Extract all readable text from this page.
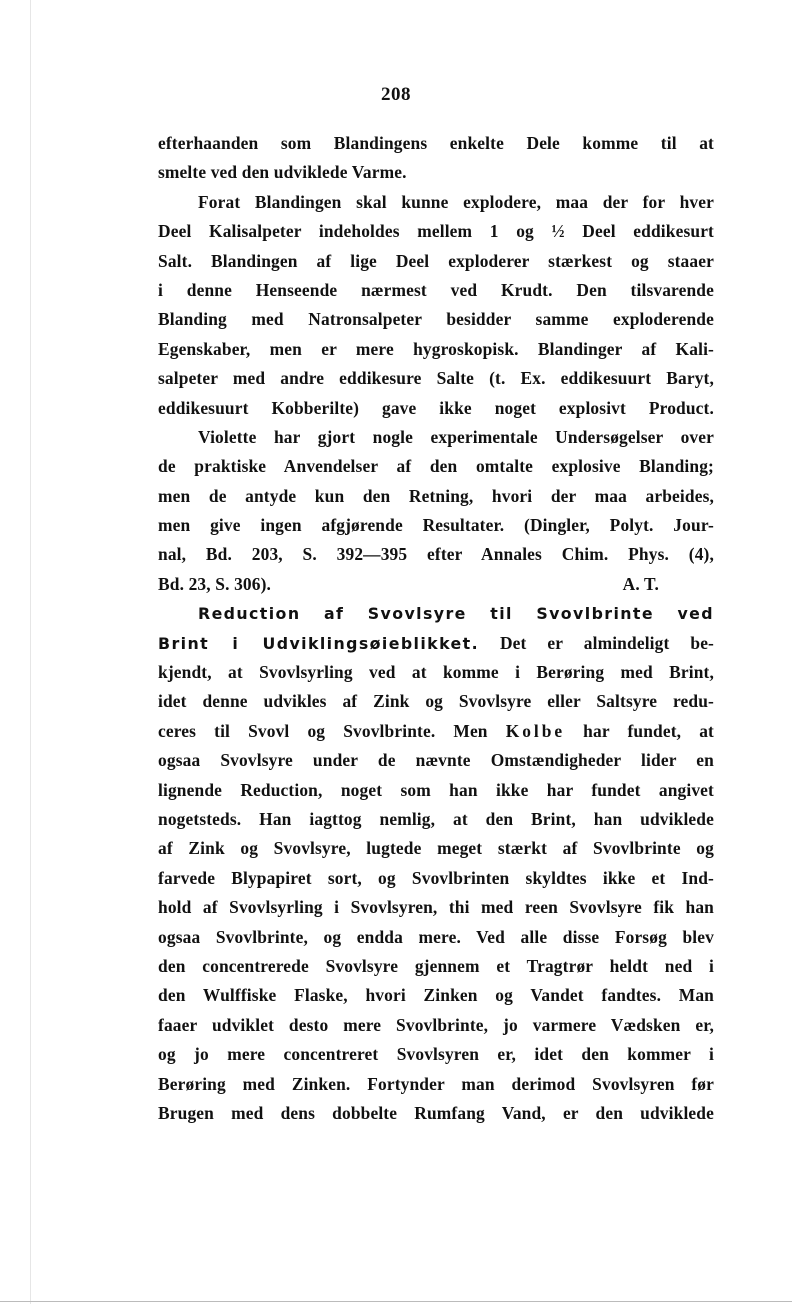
208
efterhaanden som Blandingens enkelte Dele komme til at
smelte ved den udviklede Varme.
Forat Blandingen skal kunne explodere, maa der for hver
Deel Kalisalpeter indeholdes mellem 1 og ½ Deel eddikesurt
Salt. Blandingen af lige Deel exploderer stærkest og staaer
i denne Henseende nærmest ved Krudt. Den tilsvarende
Blanding med Natronsalpeter besidder samme exploderende
Egenskaber, men er mere hygroskopisk. Blandinger af Kali-
salpeter med andre eddikesure Salte (t. Ex. eddikesuurt Baryt,
eddikesuurt Kobberilte) gave ikke noget explosivt Product.
Violette har gjort nogle experimentale Undersøgelser over
de praktiske Anvendelser af den omtalte explosive Blanding;
men de antyde kun den Retning, hvori der maa arbeides,
men give ingen afgjørende Resultater. (Dingler, Polyt. Jour-
nal, Bd. 203, S. 392—395 efter Annales Chim. Phys. (4),
Bd. 23, S. 306).	A. T.
Reduction af Svovlsyre til Svovlbrinte ved
Brint i Udviklingsøieblikket. Det er almindeligt be-
kjendt, at Svovlsyrling ved at komme i Berøring med Brint,
idet denne udvikles af Zink og Svovlsyre eller Saltsyre redu-
ceres til Svovl og Svovlbrinte. Men Kolbe har fundet, at
ogsaa Svovlsyre under de nævnte Omstændigheder lider en
lignende Reduction, noget som han ikke har fundet angivet
nogetsteds. Han iagttog nemlig, at den Brint, han udviklede
af Zink og Svovlsyre, lugtede meget stærkt af Svovlbrinte og
farvede Blypapiret sort, og Svovlbrinten skyldtes ikke et Ind-
hold af Svovlsyrling i Svovlsyren, thi med reen Svovlsyre fik han
ogsaa Svovlbrinte, og endda mere. Ved alle disse Forsøg blev
den concentrerede Svovlsyre gjennem et Tragtrør heldt ned i
den Wulffiske Flaske, hvori Zinken og Vandet fandtes. Man
faaer udviklet desto mere Svovlbrinte, jo varmere Vædsken er,
og jo mere concentreret Svovlsyren er, idet den kommer i
Berøring med Zinken. Fortynder man derimod Svovlsyren før
Brugen med dens dobbelte Rumfang Vand, er den udviklede
